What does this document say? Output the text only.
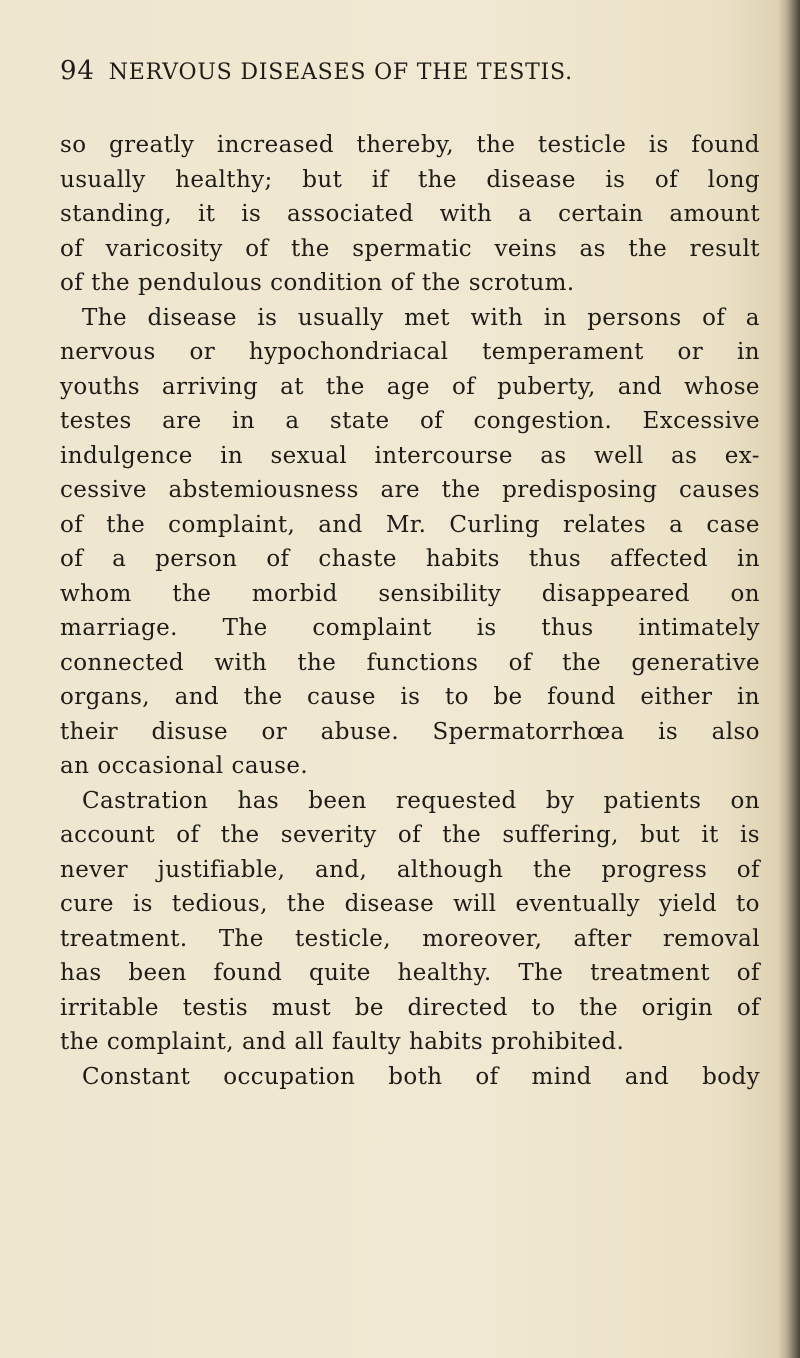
94 NERVOUS DISEASES OF THE TESTIS.
so greatly increased thereby, the testicle is found
usually healthy; but if the disease is of long
standing, it is associated with a certain amount
of varicosity of the spermatic veins as the result
of the pendulous condition of the scrotum.
The disease is usually met with in persons of a
nervous or hypochondriacal temperament or in
youths arriving at the age of puberty, and whose
testes are in a state of congestion. Excessive
indulgence in sexual intercourse as well as ex-
cessive abstemiousness are the predisposing causes
of the complaint, and Mr. Curling relates a case
of a person of chaste habits thus affected in
whom the morbid sensibility disappeared on
marriage. The complaint is thus intimately
connected with the functions of the generative
organs, and the cause is to be found either in
their disuse or abuse. Spermatorrhœa is also
an occasional cause.
Castration has been requested by patients on
account of the severity of the suffering, but it is
never justifiable, and, although the progress of
cure is tedious, the disease will eventually yield to
treatment. The testicle, moreover, after removal
has been found quite healthy. The treatment of
irritable testis must be directed to the origin of
the complaint, and all faulty habits prohibited.
Constant occupation both of mind and body
